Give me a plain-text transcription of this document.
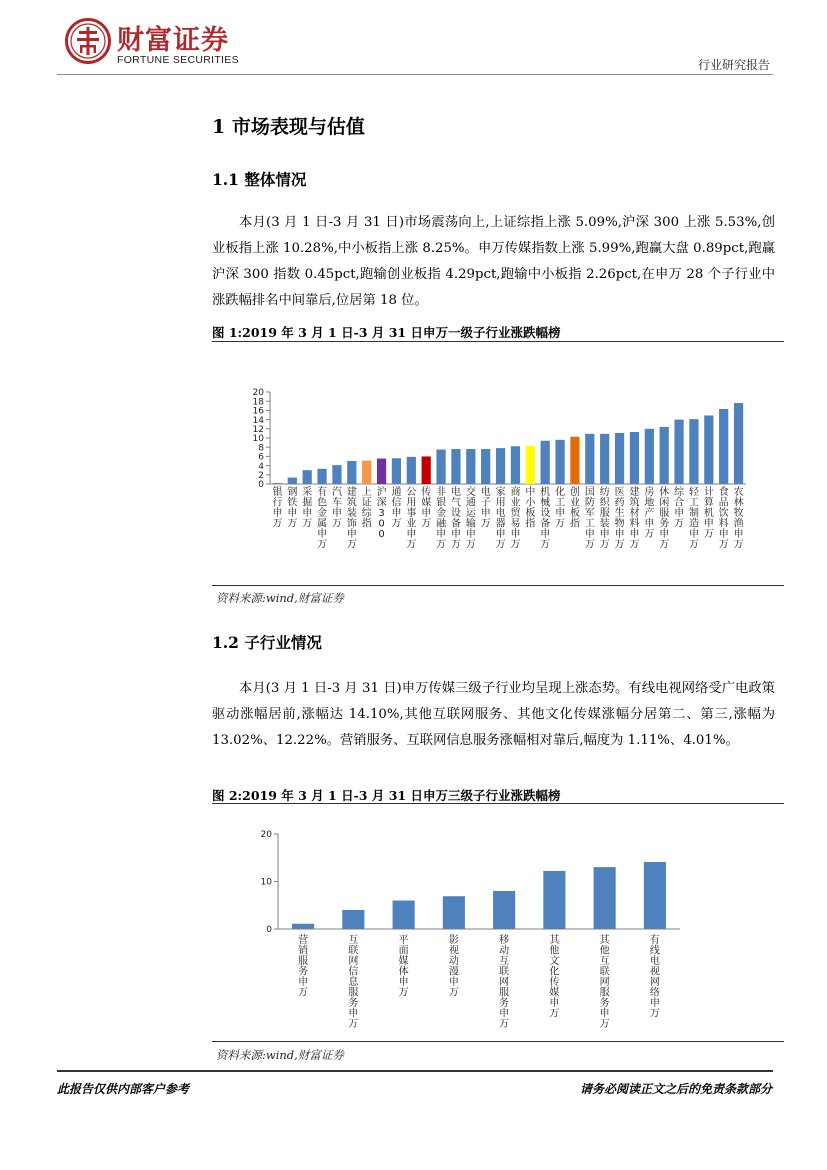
财富证券
FORTUNE SECURITIES	行业研究报告
1 市场表现与估值
1.1 整体情况

本月(3 月 1 日-3 月 31 日)市场震荡向上,上证综指上涨 5.09%,沪深 300 上涨 5.53%,创业板指上涨 10.28%,中小板指上涨 8.25%。申万传媒指数上涨 5.99%,跑赢大盘 0.89pct,跑赢沪深 300 指数 0.45pct,跑输创业板指 4.29pct,跑输中小板指 2.26pct,在申万 28 个子行业中涨跌幅排名中间靠后,位居第 18 位。

图 1:2019 年 3 月 1 日-3 月 31 日申万一级子行业涨跌幅榜
0
2
4
6
8
10
12
14
16
18
20
银行申万
钢铁申万
采掘申万
有色金属申万
汽车申万
建筑装饰申万
上证综指
沪深 3 0 0
通信申万
公用事业申万
传媒申万
非银金融申万
电气设备申万
交通运输申万
电子申万
家用电器申万
商业贸易申万
中小板指
机械设备申万
化工申万
创业板指
国防军工申万
纺织服装申万
医药生物申万
建筑材料申万
房地产申万
休闲服务申万
综合申万
轻工制造申万
计算机申万
食品饮料申万
农林牧渔申万
资料来源:wind,财富证券
1.2 子行业情况

本月(3 月 1 日-3 月 31 日)申万传媒三级子行业均呈现上涨态势。有线电视网络受广电政策驱动涨幅居前,涨幅达 14.10%,其他互联网服务、其他文化传媒涨幅分居第二、第三,涨幅为 13.02%、12.22%。营销服务、互联网信息服务涨幅相对靠后,幅度为 1.11%、4.01%。

图 2:2019 年 3 月 1 日-3 月 31 日申万三级子行业涨跌幅榜
0
10
20
营销服务申万
互联网信息服务申万
平面媒体申万
影视动漫申万
移动互联网服务申万
其他文化传媒申万
其他互联网服务申万
有线电视网络申万
资料来源:wind,财富证券
此报告仅供内部客户参考	请务必阅读正文之后的免责条款部分
